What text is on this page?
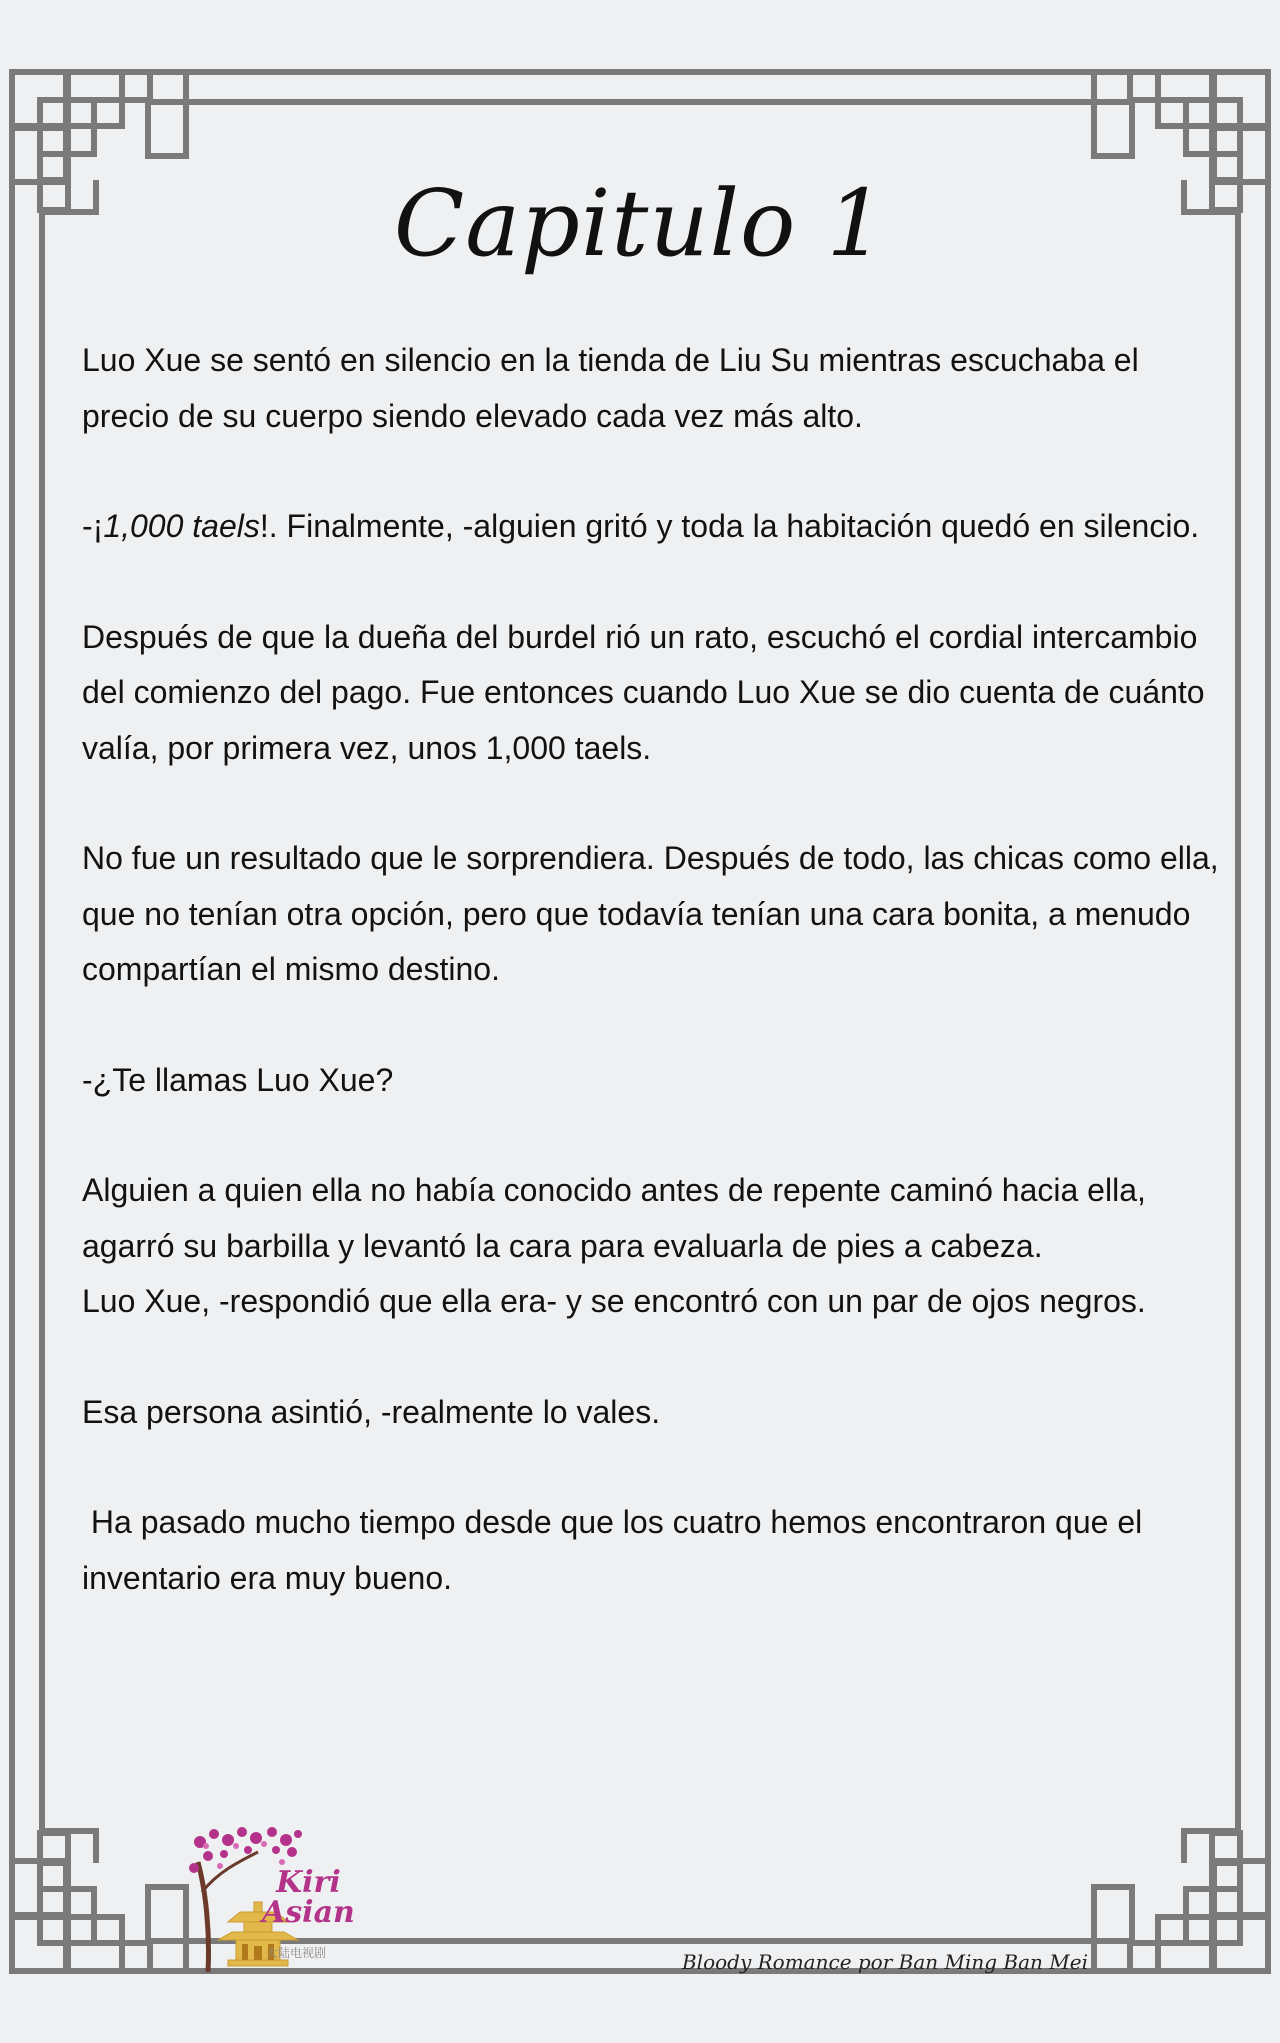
Capitulo 1

Luo Xue se sentó en silencio en la tienda de Liu Su mientras escuchaba el precio de su cuerpo siendo elevado cada vez más alto.

-¡1,000 taels!. Finalmente, -alguien gritó y toda la habitación quedó en silencio.

Después de que la dueña del burdel rió un rato, escuchó el cordial intercambio del comienzo del pago. Fue entonces cuando Luo Xue se dio cuenta de cuánto valía, por primera vez, unos 1,000 taels.

No fue un resultado que le sorprendiera. Después de todo, las chicas como ella, que no tenían otra opción, pero que todavía tenían una cara bonita, a menudo compartían el mismo destino.

-¿Te llamas Luo Xue?

Alguien a quien ella no había conocido antes de repente caminó hacia ella, agarró su barbilla y levantó la cara para evaluarla de pies a cabeza.

Luo Xue, -respondió que ella era- y se encontró con un par de ojos negros.

Esa persona asintió, -realmente lo vales.

Ha pasado mucho tiempo desde que los cuatro hemos encontraron que el inventario era muy bueno.

Kiri
Asian
大陆电视剧	Bloody Romance por Ban Ming Ban Mei
